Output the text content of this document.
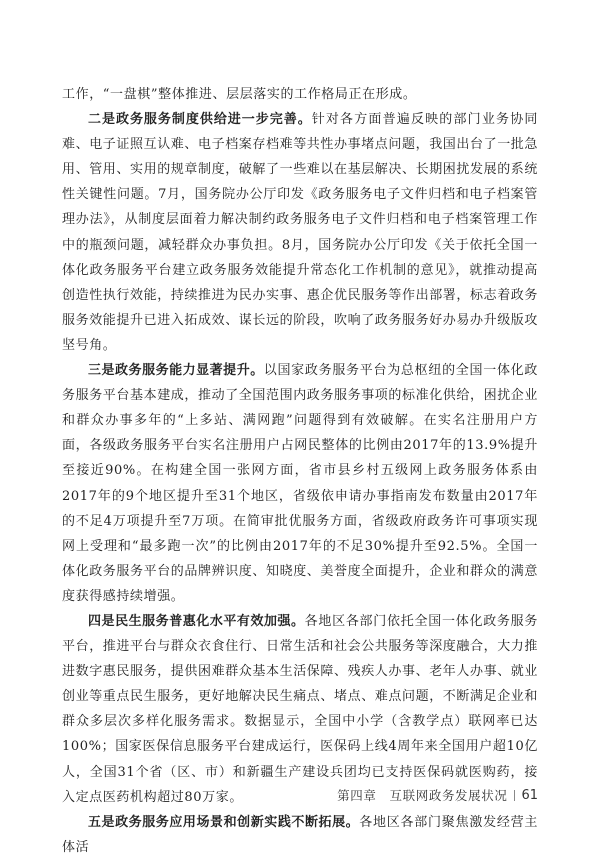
工作，“一盘棋”整体推进、层层落实的工作格局正在形成。

二是政务服务制度供给进一步完善。针对各方面普遍反映的部门业务协同难、电子证照互认难、电子档案存档难等共性办事堵点问题，我国出台了一批急用、管用、实用的规章制度，破解了一些难以在基层解决、长期困扰发展的系统性关键性问题。7月，国务院办公厅印发《政务服务电子文件归档和电子档案管理办法》，从制度层面着力解决制约政务服务电子文件归档和电子档案管理工作中的瓶颈问题，减轻群众办事负担。8月，国务院办公厅印发《关于依托全国一体化政务服务平台建立政务服务效能提升常态化工作机制的意见》，就推动提高创造性执行效能，持续推进为民办实事、惠企优民服务等作出部署，标志着政务服务效能提升已进入拓成效、谋长远的阶段，吹响了政务服务好办易办升级版攻坚号角。

三是政务服务能力显著提升。以国家政务服务平台为总枢纽的全国一体化政务服务平台基本建成，推动了全国范围内政务服务事项的标准化供给，困扰企业和群众办事多年的“上多站、满网跑”问题得到有效破解。在实名注册用户方面，各级政务服务平台实名注册用户占网民整体的比例由2017年的13.9%提升至接近90%。在构建全国一张网方面，省市县乡村五级网上政务服务体系由2017年的9个地区提升至31个地区，省级依申请办事指南发布数量由2017年的不足4万项提升至7万项。在简审批优服务方面，省级政府政务许可事项实现网上受理和“最多跑一次”的比例由2017年的不足30%提升至92.5%。全国一体化政务服务平台的品牌辨识度、知晓度、美誉度全面提升，企业和群众的满意度获得感持续增强。

四是民生服务普惠化水平有效加强。各地区各部门依托全国一体化政务服务平台，推进平台与群众衣食住行、日常生活和社会公共服务等深度融合，大力推进数字惠民服务，提供困难群众基本生活保障、残疾人办事、老年人办事、就业创业等重点民生服务，更好地解决民生痛点、堵点、难点问题，不断满足企业和群众多层次多样化服务需求。数据显示，全国中小学（含教学点）联网率已达100%；国家医保信息服务平台建成运行，医保码上线4周年来全国用户超10亿人，全国31个省（区、市）和新疆生产建设兵团均已支持医保码就医购药，接入定点医药机构超过80万家。

五是政务服务应用场景和创新实践不断拓展。各地区各部门聚焦激发经营主体活

第四章　互联网政务发展状况 61
